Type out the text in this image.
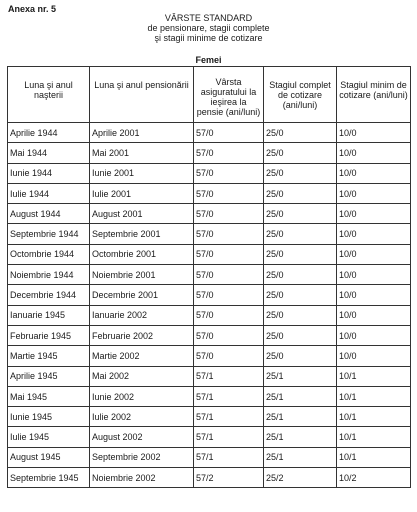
Anexa nr. 5
VÂRSTE STANDARD
de pensionare, stagii complete
şi stagii minime de cotizare
Femei
Luna şi anul naşterii	Luna şi anul pensionării	Vârsta asiguratului la ieşirea la pensie (ani/luni)	Stagiul complet de cotizare (ani/luni)	Stagiul minim de cotizare (ani/luni)
Aprilie 1944	Aprilie 2001	57/0	25/0	10/0
Mai 1944	Mai 2001	57/0	25/0	10/0
Iunie 1944	Iunie 2001	57/0	25/0	10/0
Iulie 1944	Iulie 2001	57/0	25/0	10/0
August 1944	August 2001	57/0	25/0	10/0
Septembrie 1944	Septembrie 2001	57/0	25/0	10/0
Octombrie 1944	Octombrie 2001	57/0	25/0	10/0
Noiembrie 1944	Noiembrie 2001	57/0	25/0	10/0
Decembrie 1944	Decembrie 2001	57/0	25/0	10/0
Ianuarie 1945	Ianuarie 2002	57/0	25/0	10/0
Februarie 1945	Februarie 2002	57/0	25/0	10/0
Martie 1945	Martie 2002	57/0	25/0	10/0
Aprilie 1945	Mai 2002	57/1	25/1	10/1
Mai 1945	Iunie 2002	57/1	25/1	10/1
Iunie 1945	Iulie 2002	57/1	25/1	10/1
Iulie 1945	August 2002	57/1	25/1	10/1
August 1945	Septembrie 2002	57/1	25/1	10/1
Septembrie 1945	Noiembrie 2002	57/2	25/2	10/2
